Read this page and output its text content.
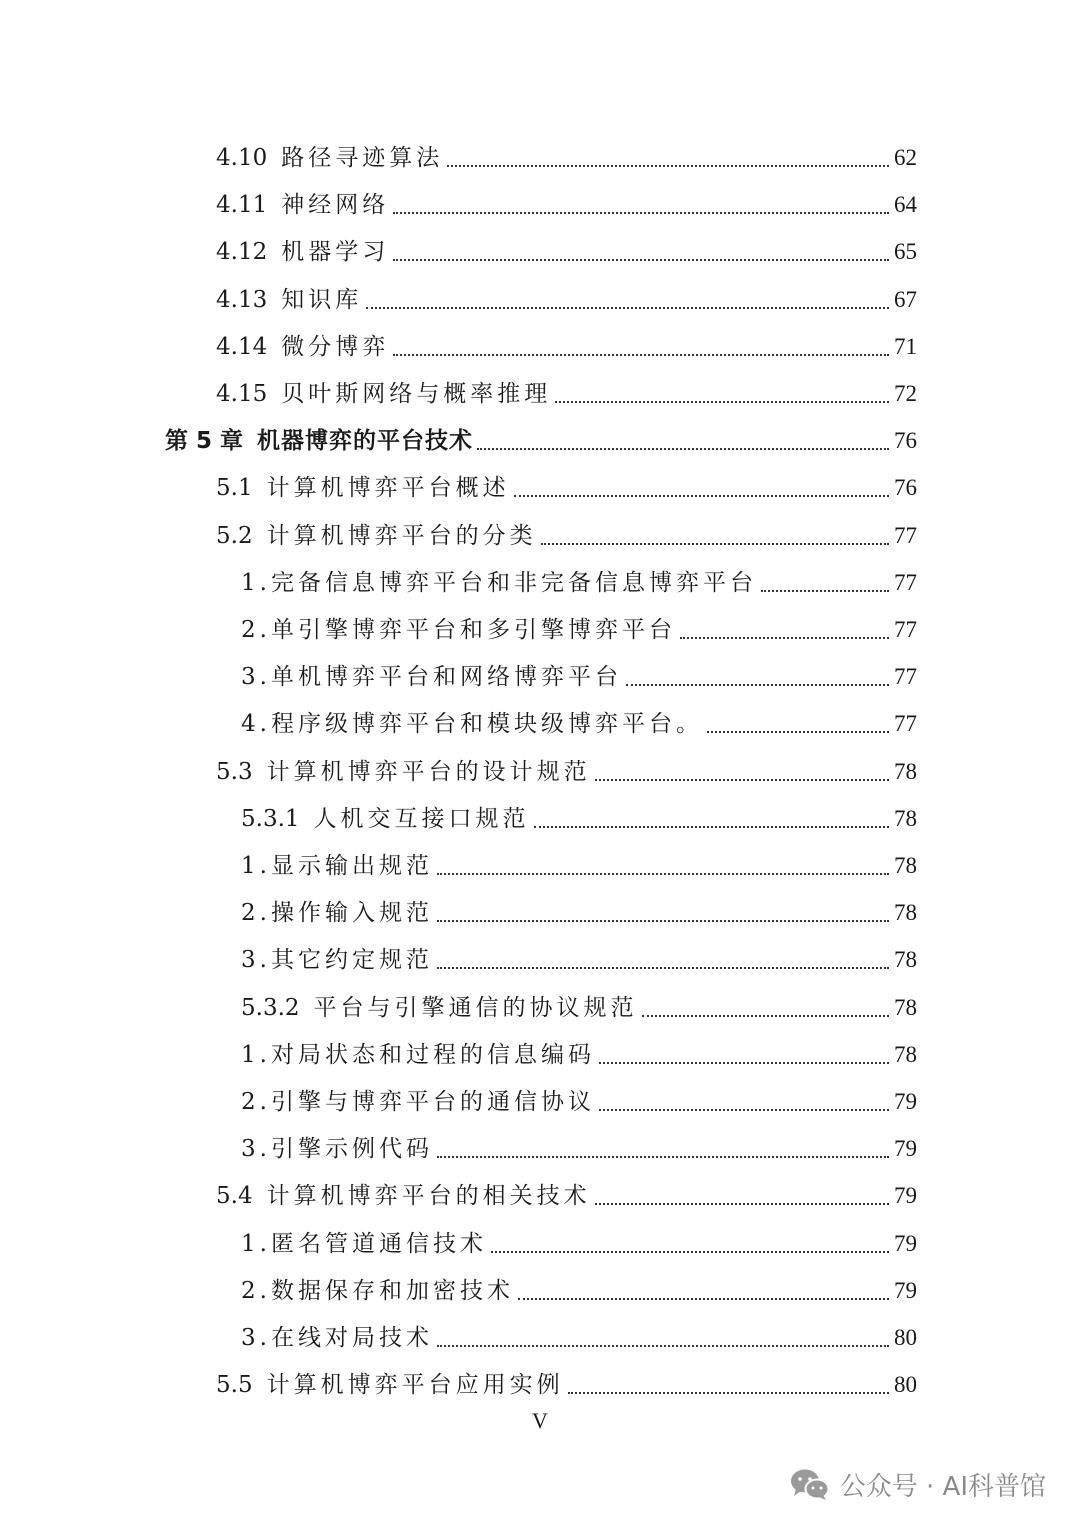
4.10 路径寻迹算法	62
4.11 神经网络	64
4.12 机器学习	65
4.13 知识库	67
4.14 微分博弈	71
4.15 贝叶斯网络与概率推理	72
第 5 章 机器博弈的平台技术	76
5.1 计算机博弈平台概述	76
5.2 计算机博弈平台的分类	77
1.完备信息博弈平台和非完备信息博弈平台	77
2.单引擎博弈平台和多引擎博弈平台	77
3.单机博弈平台和网络博弈平台	77
4.程序级博弈平台和模块级博弈平台。	77
5.3 计算机博弈平台的设计规范	78
5.3.1 人机交互接口规范	78
1.显示输出规范	78
2.操作输入规范	78
3.其它约定规范	78
5.3.2 平台与引擎通信的协议规范	78
1.对局状态和过程的信息编码	78
2.引擎与博弈平台的通信协议	79
3.引擎示例代码	79
5.4 计算机博弈平台的相关技术	79
1.匿名管道通信技术	79
2.数据保存和加密技术	79
3.在线对局技术	80
5.5 计算机博弈平台应用实例	80
V
公众号 · AI科普馆
